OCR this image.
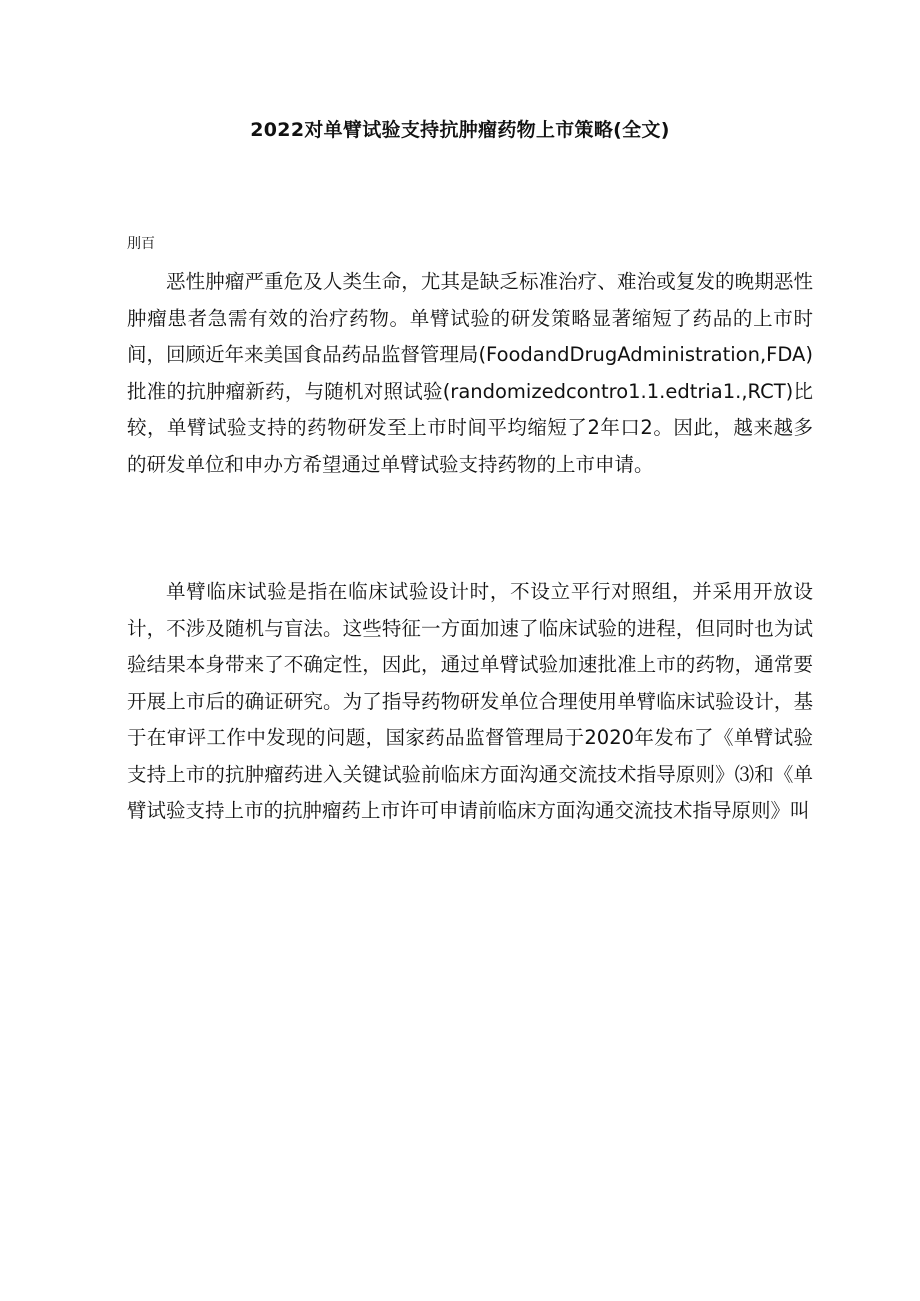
2022对单臂试验支持抗肿瘤药物上市策略(全文)
刖百

恶性肿瘤严重危及人类生命，尤其是缺乏标准治疗、难治或复发的晚期恶性肿瘤患者急需有效的治疗药物。单臂试验的研发策略显著缩短了药品的上市时间，回顾近年来美国食品药品监督管理局(FoodandDrugAdministration,FDA)批准的抗肿瘤新药，与随机对照试验(randomizedcontro1.1.edtria1.,RCT)比较，单臂试验支持的药物研发至上市时间平均缩短了2年口2。因此，越来越多的研发单位和申办方希望通过单臂试验支持药物的上市申请。

单臂临床试验是指在临床试验设计时，不设立平行对照组，并采用开放设计，不涉及随机与盲法。这些特征一方面加速了临床试验的进程，但同时也为试验结果本身带来了不确定性，因此，通过单臂试验加速批准上市的药物，通常要开展上市后的确证研究。为了指导药物研发单位合理使用单臂临床试验设计，基于在审评工作中发现的问题，国家药品监督管理局于2020年发布了《单臂试验支持上市的抗肿瘤药进入关键试验前临床方面沟通交流技术指导原则》⑶和《单臂试验支持上市的抗肿瘤药上市许可申请前临床方面沟通交流技术指导原则》叫
